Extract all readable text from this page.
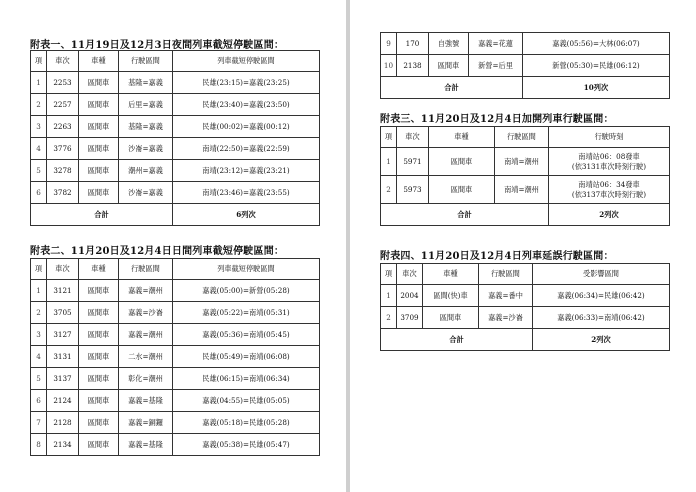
附表一、11月19日及12月3日夜間列車截短停駛區間：
項	車次	車種	行駛區間	列車截短停駛區間
1	2253	區間車	基隆=嘉義	民雄(23:15)=嘉義(23:25)
2	2257	區間車	后里=嘉義	民雄(23:40)=嘉義(23:50)
3	2263	區間車	基隆=嘉義	民雄(00:02)=嘉義(00:12)
4	3776	區間車	沙崙=嘉義	南靖(22:50)=嘉義(22:59)
5	3278	區間車	潮州=嘉義	南靖(23:12)=嘉義(23:21)
6	3782	區間車	沙崙=嘉義	南靖(23:46)=嘉義(23:55)
合計				6列次
附表二、11月20日及12月4日日間列車截短停駛區間：
項	車次	車種	行駛區間	列車截短停駛區間
1	3121	區間車	嘉義=潮州	嘉義(05:00)=新營(05:28)
2	3705	區間車	嘉義=沙崙	嘉義(05:22)=南靖(05:31)
3	3127	區間車	嘉義=潮州	嘉義(05:36)=南靖(05:45)
4	3131	區間車	二水=潮州	民雄(05:49)=南靖(06:08)
5	3137	區間車	彰化=潮州	民雄(06:15)=南靖(06:34)
6	2124	區間車	嘉義=基隆	嘉義(04:55)=民雄(05:05)
7	2128	區間車	嘉義=銅鑼	嘉義(05:18)=民雄(05:28)
8	2134	區間車	嘉義=基隆	嘉義(05:38)=民雄(05:47)
9	170	自強號	嘉義=花蓮	嘉義(05:56)=大林(06:07)
10	2138	區間車	新營=后里	新營(05:30)=民雄(06:12)
合計				10列次
附表三、11月20日及12月4日加開列車行駛區間：
項	車次	車種	行駛區間	行駛時刻
1	5971	區間車	南靖=潮州	南靖站06：08發車
(依3131車次時刻行駛)

2	5973	區間車	南靖=潮州	南靖站06：34發車
(依3137車次時刻行駛)

合計				2列次
附表四、11月20日及12月4日列車延誤行駛區間：
項	車次	車種	行駛區間	受影響區間
1	2004	區間(快)車	嘉義=番中	嘉義(06:34)=民雄(06:42)
2	3709	區間車	嘉義=沙崙	嘉義(06:33)=南靖(06:42)
合計				2列次
